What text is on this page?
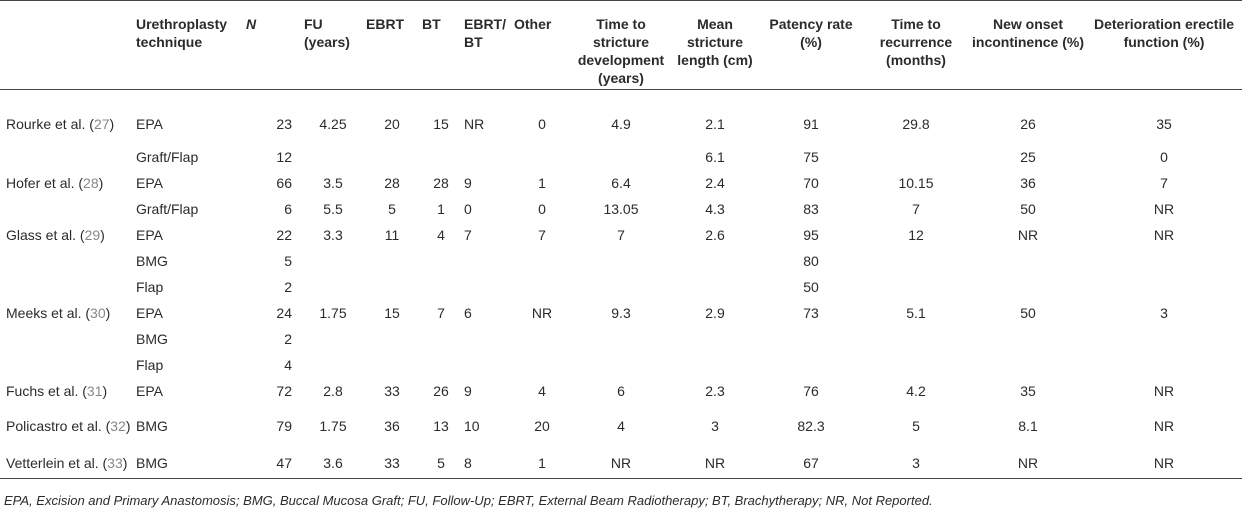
	Urethroplasty technique	N	FU (years)	EBRT	BT	EBRT/ BT	Other	Time to stricture development (years)	Mean stricture length (cm)	Patency rate (%)	Time to recurrence (months)	New onset incontinence (%)	Deterioration erectile function (%)
Rourke et al. (27)	EPA	23	4.25	20	15	NR	0	4.9	2.1	91	29.8	26	35
	Graft/Flap	12							6.1	75		25	0
Hofer et al. (28)	EPA	66	3.5	28	28	9	1	6.4	2.4	70	10.15	36	7
	Graft/Flap	6	5.5	5	1	0	0	13.05	4.3	83	7	50	NR
Glass et al. (29)	EPA	22	3.3	11	4	7	7	7	2.6	95	12	NR	NR
	BMG	5								80			
	Flap	2								50			
Meeks et al. (30)	EPA	24	1.75	15	7	6	NR	9.3	2.9	73	5.1	50	3
	BMG	2											
	Flap	4											
Fuchs et al. (31)	EPA	72	2.8	33	26	9	4	6	2.3	76	4.2	35	NR
Policastro et al. (32)	BMG	79	1.75	36	13	10	20	4	3	82.3	5	8.1	NR
Vetterlein et al. (33)	BMG	47	3.6	33	5	8	1	NR	NR	67	3	NR	NR
EPA, Excision and Primary Anastomosis; BMG, Buccal Mucosa Graft; FU, Follow-Up; EBRT, External Beam Radiotherapy; BT, Brachytherapy; NR, Not Reported.
